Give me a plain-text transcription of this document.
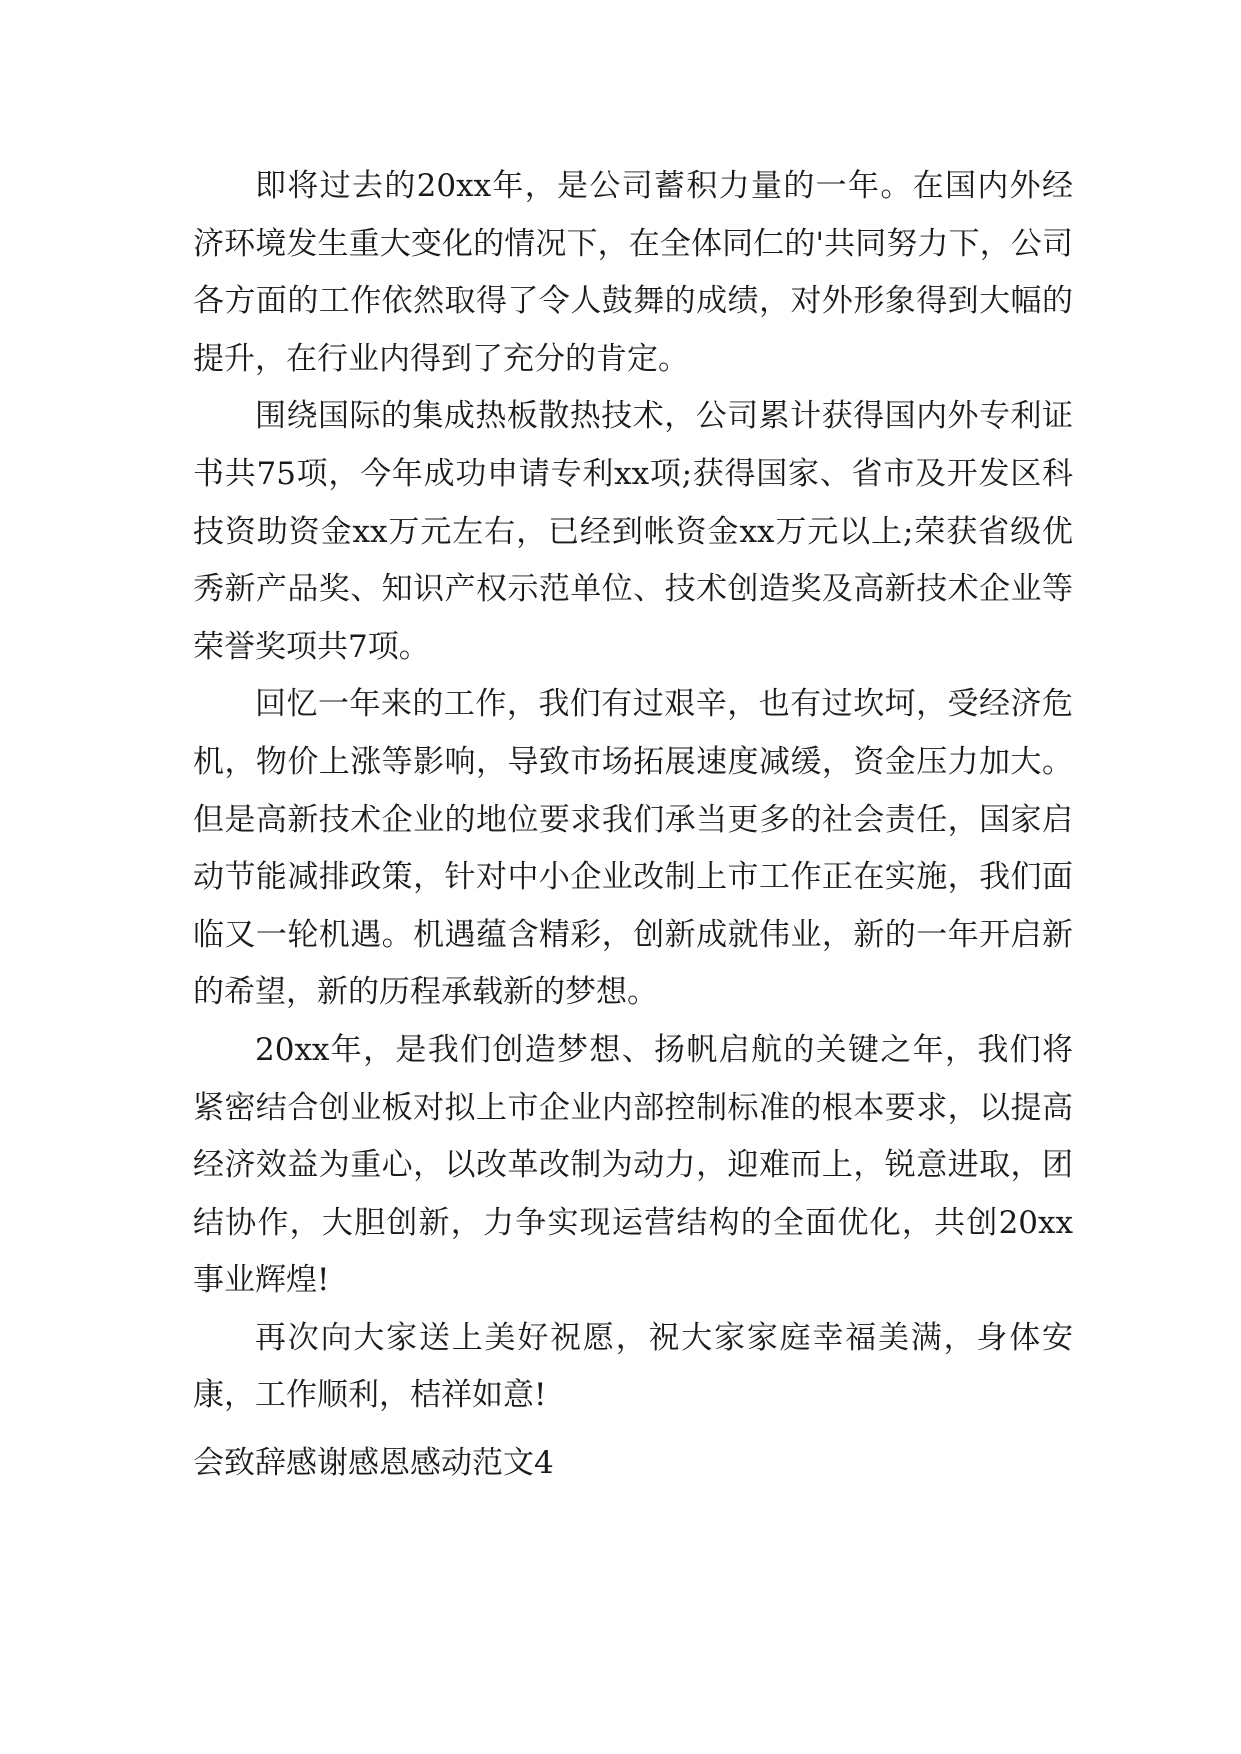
即将过去的20xx年，是公司蓄积力量的一年。在国内外经济环境发生重大变化的情况下，在全体同仁的'共同努力下，公司各方面的工作依然取得了令人鼓舞的成绩，对外形象得到大幅的提升，在行业内得到了充分的肯定。

围绕国际的集成热板散热技术，公司累计获得国内外专利证书共75项，今年成功申请专利xx项;获得国家、省市及开发区科技资助资金xx万元左右，已经到帐资金xx万元以上;荣获省级优秀新产品奖、知识产权示范单位、技术创造奖及高新技术企业等荣誉奖项共7项。

回忆一年来的工作，我们有过艰辛，也有过坎坷，受经济危机，物价上涨等影响，导致市场拓展速度减缓，资金压力加大。但是高新技术企业的地位要求我们承当更多的社会责任，国家启动节能减排政策，针对中小企业改制上市工作正在实施，我们面临又一轮机遇。机遇蕴含精彩，创新成就伟业，新的一年开启新的希望，新的历程承载新的梦想。

20xx年，是我们创造梦想、扬帆启航的关键之年，我们将紧密结合创业板对拟上市企业内部控制标准的根本要求，以提高经济效益为重心，以改革改制为动力，迎难而上，锐意进取，团结协作，大胆创新，力争实现运营结构的全面优化，共创20xx事业辉煌!

再次向大家送上美好祝愿，祝大家家庭幸福美满，身体安康，工作顺利，桔祥如意!

会致辞感谢感恩感动范文4
